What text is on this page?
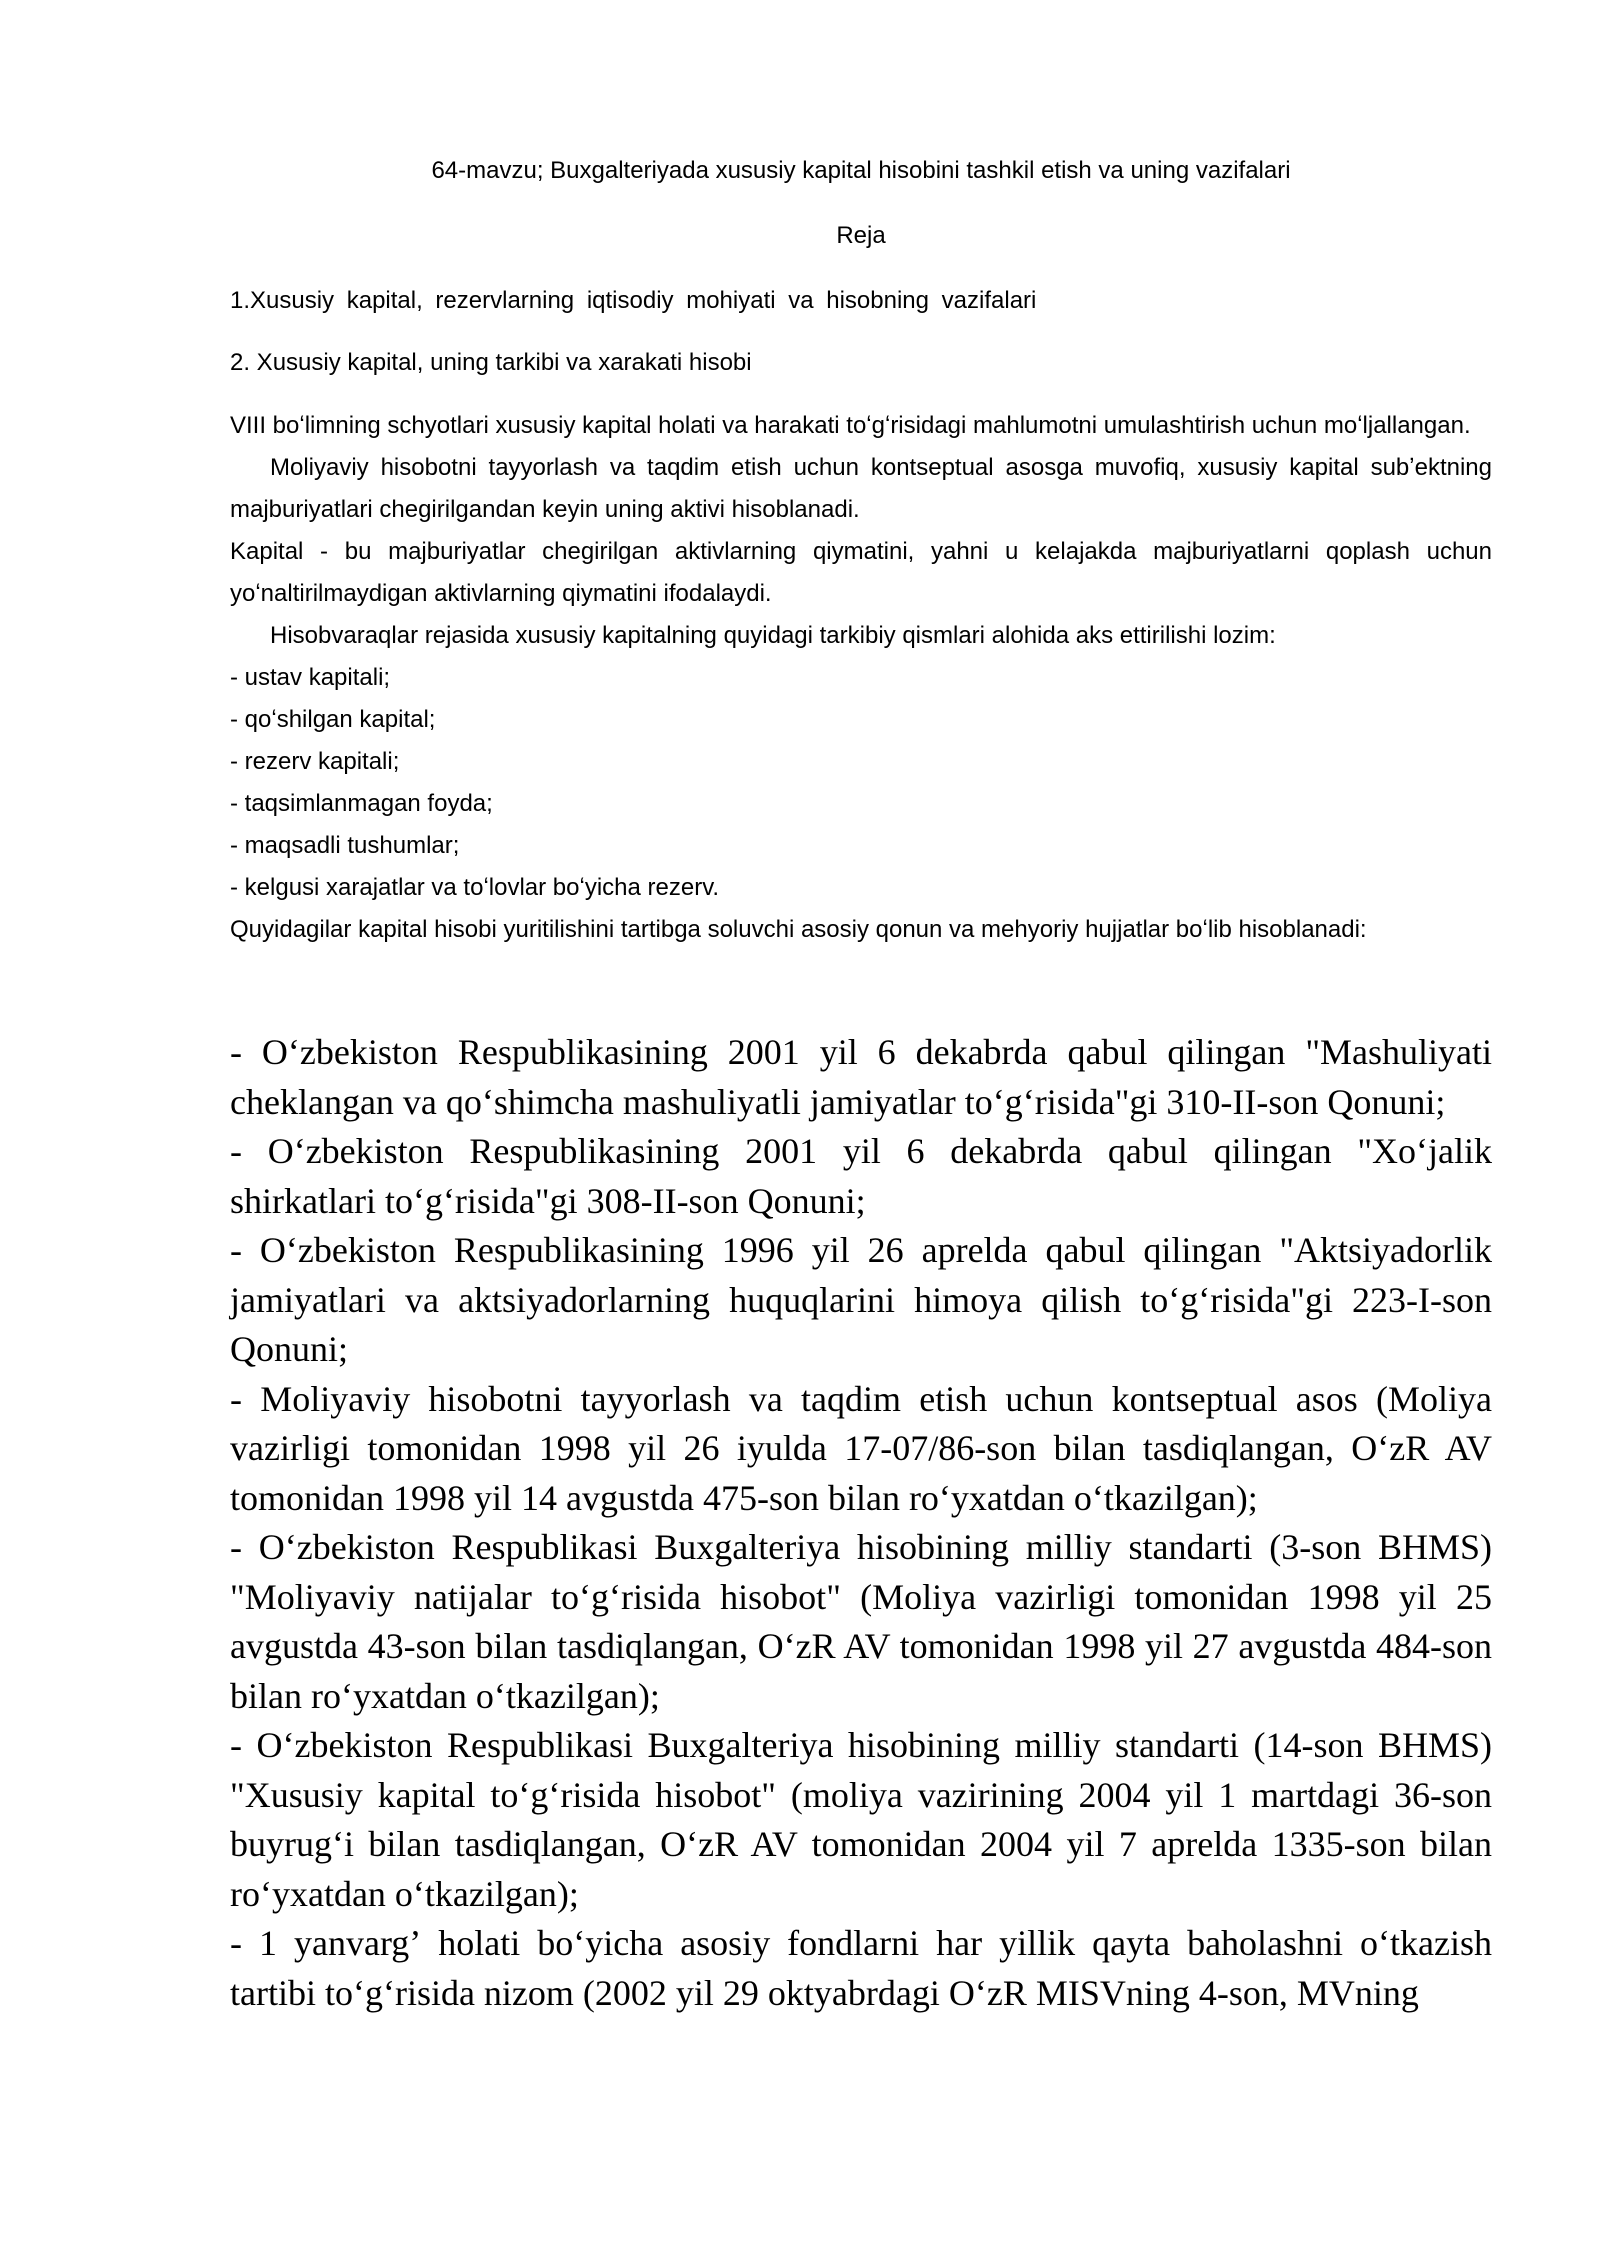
64-mavzu; Buxgalteriyada xususiy kapital hisobini tashkil etish va uning vazifalari
Reja
1.Xususiy kapital, rezervlarning iqtisodiy mohiyati va hisobning vazifalari
2. Xususiy kapital, uning tarkibi va xarakati hisobi

VIII boʻlimning schyotlari xususiy kapital holati va harakati toʻgʻrisidagi mahlumotni umulashtirish uchun moʻljallangan.

Moliyaviy hisobotni tayyorlash va taqdim etish uchun kontseptual asosga muvofiq, xususiy kapital subʼektning majburiyatlari chegirilgandan keyin uning aktivi hisoblanadi.

Kapital - bu majburiyatlar chegirilgan aktivlarning qiymatini, yahni u kelajakda majburiyatlarni qoplash uchun yoʻnaltirilmaydigan aktivlarning qiymatini ifodalaydi.

Hisobvaraqlar rejasida xususiy kapitalning quyidagi tarkibiy qismlari alohida aks ettirilishi lozim:

- ustav kapitali;

- qoʻshilgan kapital;

- rezerv kapitali;

- taqsimlanmagan foyda;

- maqsadli tushumlar;

- kelgusi xarajatlar va toʻlovlar boʻyicha rezerv.

Quyidagilar kapital hisobi yuritilishini tartibga soluvchi asosiy qonun va mehyoriy hujjatlar boʻlib hisoblanadi:

- Oʻzbekiston Respublikasining 2001 yil 6 dekabrda qabul qilingan "Mashuliyati cheklangan va qoʻshimcha mashuliyatli jamiyatlar toʻgʻrisida"gi 310-II-son Qonuni;

- Oʻzbekiston Respublikasining 2001 yil 6 dekabrda qabul qilingan "Xoʻjalik shirkatlari toʻgʻrisida"gi 308-II-son Qonuni;

- Oʻzbekiston Respublikasining 1996 yil 26 aprelda qabul qilingan "Aktsiyadorlik jamiyatlari va aktsiyadorlarning huquqlarini himoya qilish toʻgʻrisida"gi 223-I-son Qonuni;

- Moliyaviy hisobotni tayyorlash va taqdim etish uchun kontseptual asos (Moliya vazirligi tomonidan 1998 yil 26 iyulda 17-07/86-son bilan tasdiqlangan, OʻzR AV tomonidan 1998 yil 14 avgustda 475-son bilan roʻyxatdan oʻtkazilgan);

- Oʻzbekiston Respublikasi Buxgalteriya hisobining milliy standarti (3-son BHMS) "Moliyaviy natijalar toʻgʻrisida hisobot" (Moliya vazirligi tomonidan 1998 yil 25 avgustda 43-son bilan tasdiqlangan, OʻzR AV tomonidan 1998 yil 27 avgustda 484-son bilan roʻyxatdan oʻtkazilgan);

- Oʻzbekiston Respublikasi Buxgalteriya hisobining milliy standarti (14-son BHMS) "Xususiy kapital toʻgʻrisida hisobot" (moliya vazirining 2004 yil 1 martdagi 36-son buyrugʻi bilan tasdiqlangan, OʻzR AV tomonidan 2004 yil 7 aprelda 1335-son bilan roʻyxatdan oʻtkazilgan);

- 1 yanvargʼ holati boʻyicha asosiy fondlarni har yillik qayta baholashni oʻtkazish tartibi toʻgʻrisida nizom (2002 yil 29 oktyabrdagi OʻzR MISVning 4-son, MVning
